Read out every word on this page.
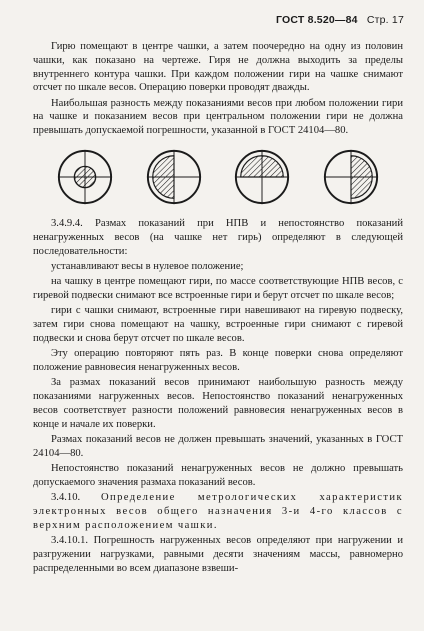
ГОСТ 8.520—84 Стр. 17

Гирю помещают в центре чашки, а затем поочередно на одну из половин чашки, как показано на чертеже. Гиря не должна выходить за пределы внутреннего контура чашки. При каждом положении гири на чашке снимают отсчет по шкале весов. Операцию поверки проводят дважды.

Наибольшая разность между показаниями весов при любом положении гири на чашке и показанием весов при центральном положении гири не должна превышать допускаемой погрешности, указанной в ГОСТ 24104—80.

3.4.9.4. Размах показаний при НПВ и непостоянство показаний ненагруженных весов (на чашке нет гирь) определяют в следующей последовательности:

устанавливают весы в нулевое положение;

на чашку в центре помещают гири, по массе соответствующие НПВ весов, с гиревой подвески снимают все встроенные гири и берут отсчет по шкале весов;

гири с чашки снимают, встроенные гири навешивают на гиревую подвеску, затем гири снова помещают на чашку, встроенные гири снимают с гиревой подвески и снова берут отсчет по шкале весов.

Эту операцию повторяют пять раз. В конце поверки снова определяют положение равновесия ненагруженных весов.

За размах показаний весов принимают наибольшую разность между показаниями нагруженных весов. Непостоянство показаний ненагруженных весов соответствует разности положений равновесия ненагруженных весов в конце и начале их поверки.

Размах показаний весов не должен превышать значений, указанных в ГОСТ 24104—80.

Непостоянство показаний ненагруженных весов не должно превышать допускаемого значения размаха показаний весов.

3.4.10. Определение метрологических характеристик электронных весов общего назначения 3-и 4-го классов с верхним расположением чашки.

3.4.10.1. Погрешность нагруженных весов определяют при нагружении и разгружении нагрузками, равными десяти значениям массы, равномерно распределенными во всем диапазоне взвеши-
